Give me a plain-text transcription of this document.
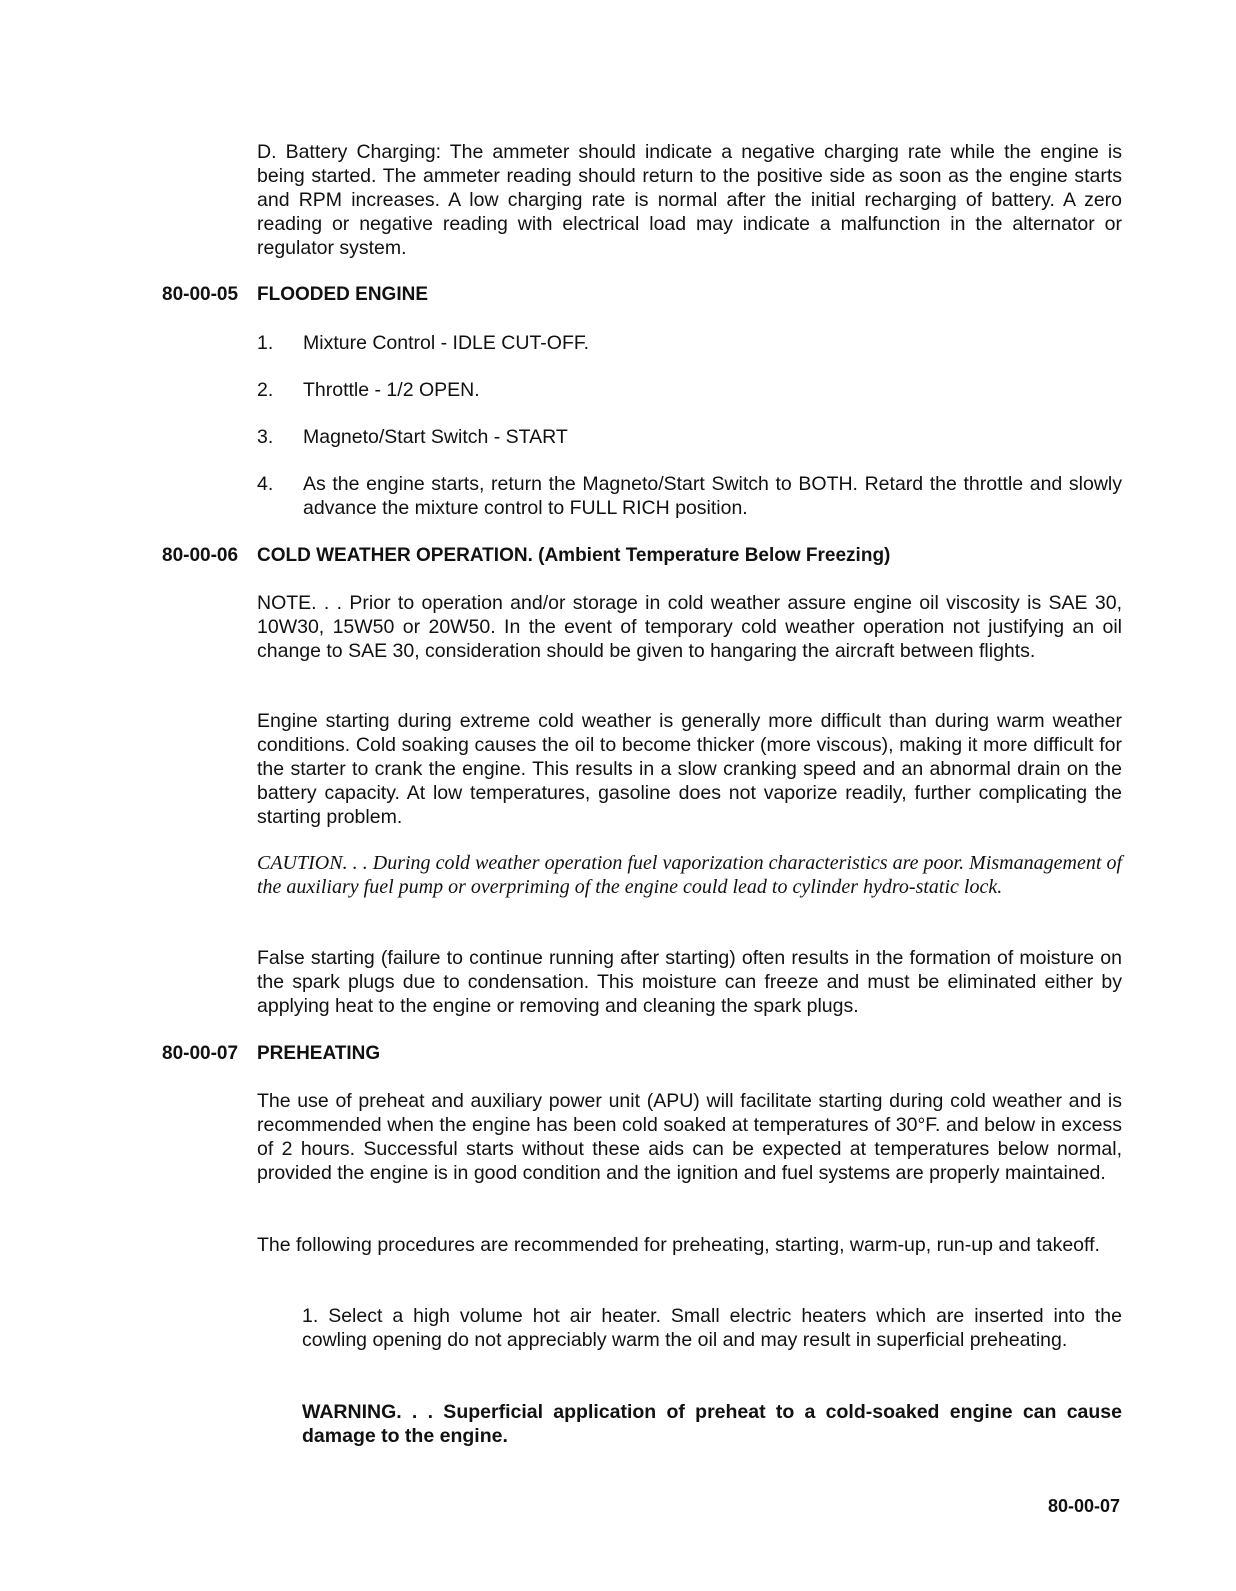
D. Battery Charging: The ammeter should indicate a negative charging rate while the engine is being started. The ammeter reading should return to the positive side as soon as the engine starts and RPM increases. A low charging rate is normal after the initial recharging of battery. A zero reading or negative reading with electrical load may indicate a malfunction in the alternator or regulator system.

80-00-05 FLOODED ENGINE

1. Mixture Control - IDLE CUT-OFF.
2. Throttle - 1/2 OPEN.
3. Magneto/Start Switch - START
4. As the engine starts, return the Magneto/Start Switch to BOTH. Retard the throttle and slowly advance the mixture control to FULL RICH position.

80-00-06 COLD WEATHER OPERATION. (Ambient Temperature Below Freezing)

NOTE. . . Prior to operation and/or storage in cold weather assure engine oil viscosity is SAE 30, 10W30, 15W50 or 20W50. In the event of temporary cold weather operation not justifying an oil change to SAE 30, consideration should be given to hangaring the aircraft between flights.

Engine starting during extreme cold weather is generally more difficult than during warm weather conditions. Cold soaking causes the oil to become thicker (more viscous), making it more difficult for the starter to crank the engine. This results in a slow cranking speed and an abnormal drain on the battery capacity. At low temperatures, gasoline does not vaporize readily, further complicating the starting problem.

CAUTION. . . During cold weather operation fuel vaporization characteristics are poor. Mismanagement of the auxiliary fuel pump or overpriming of the engine could lead to cylinder hydro-static lock.

False starting (failure to continue running after starting) often results in the formation of moisture on the spark plugs due to condensation. This moisture can freeze and must be eliminated either by applying heat to the engine or removing and cleaning the spark plugs.

80-00-07 PREHEATING

The use of preheat and auxiliary power unit (APU) will facilitate starting during cold weather and is recommended when the engine has been cold soaked at temperatures of 30°F. and below in excess of 2 hours. Successful starts without these aids can be expected at temperatures below normal, provided the engine is in good condition and the ignition and fuel systems are properly maintained.

The following procedures are recommended for preheating, starting, warm-up, run-up and takeoff.

1. Select a high volume hot air heater. Small electric heaters which are inserted into the cowling opening do not appreciably warm the oil and may result in superficial preheating.

WARNING. . . Superficial application of preheat to a cold-soaked engine can cause damage to the engine.

80-00-07
